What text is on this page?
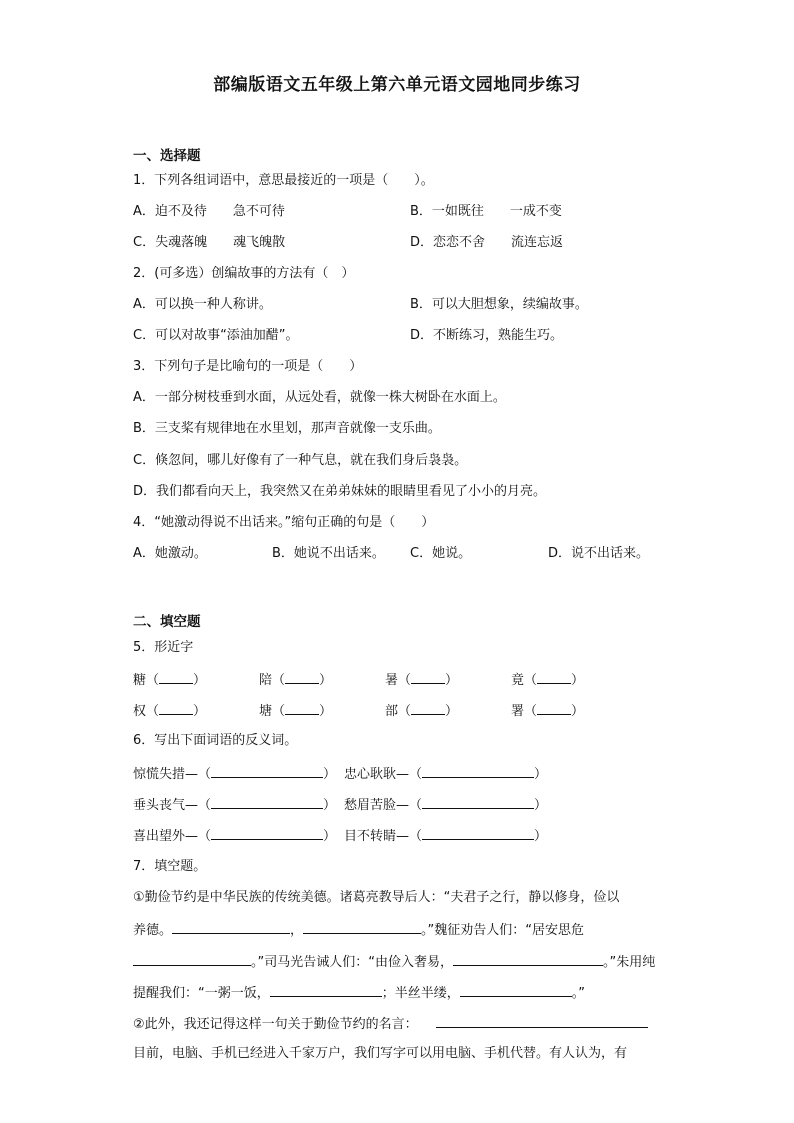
部编版语文五年级上第六单元语文园地同步练习
一、选择题
1．下列各组词语中，意思最接近的一项是（　　）。
A．迫不及待　　急不可待	B．一如既往　　一成不变
C．失魂落魄　　魂飞魄散	D．恋恋不舍　　流连忘返
2．(可多选）创编故事的方法有（　）
A．可以换一种人称讲。	B．可以大胆想象，续编故事。
C．可以对故事“添油加醋”。	D．不断练习，熟能生巧。
3．下列句子是比喻句的一项是（　　）
A．一部分树枝垂到水面，从远处看，就像一株大树卧在水面上。
B．三支桨有规律地在水里划，那声音就像一支乐曲。
C．倏忽间，哪儿好像有了一种气息，就在我们身后袅袅。
D．我们都看向天上，我突然又在弟弟妹妹的眼睛里看见了小小的月亮。
4．“她激动得说不出话来。”缩句正确的句是（　　）
A．她激动。	B．她说不出话来。 C．她说。	D．说不出话来。
二、填空题
5．形近字
糖（	）	陪（	）	暑（	）	竟（	）
权（	）	塘（	）	部（	）	署（	）
6．写出下面词语的反义词。
惊慌失措—（	） 忠心耿耿—（	）
垂头丧气—（	） 愁眉苦脸—（	）
喜出望外—（	） 目不转睛—（	）
7．填空题。
①勤俭节约是中华民族的传统美德。诸葛亮教导后人：“夫君子之行，静以修身，俭以
养德。	，	。”魏征劝告人们：“居安思危
。”司马光告诫人们：“由俭入奢易，	。”朱用纯
提醒我们：“一粥一饭，	；半丝半缕，	。”
②此外，我还记得这样一句关于勤俭节约的名言：
目前，电脑、手机已经进入千家万户，我们写字可以用电脑、手机代替。有人认为，有
